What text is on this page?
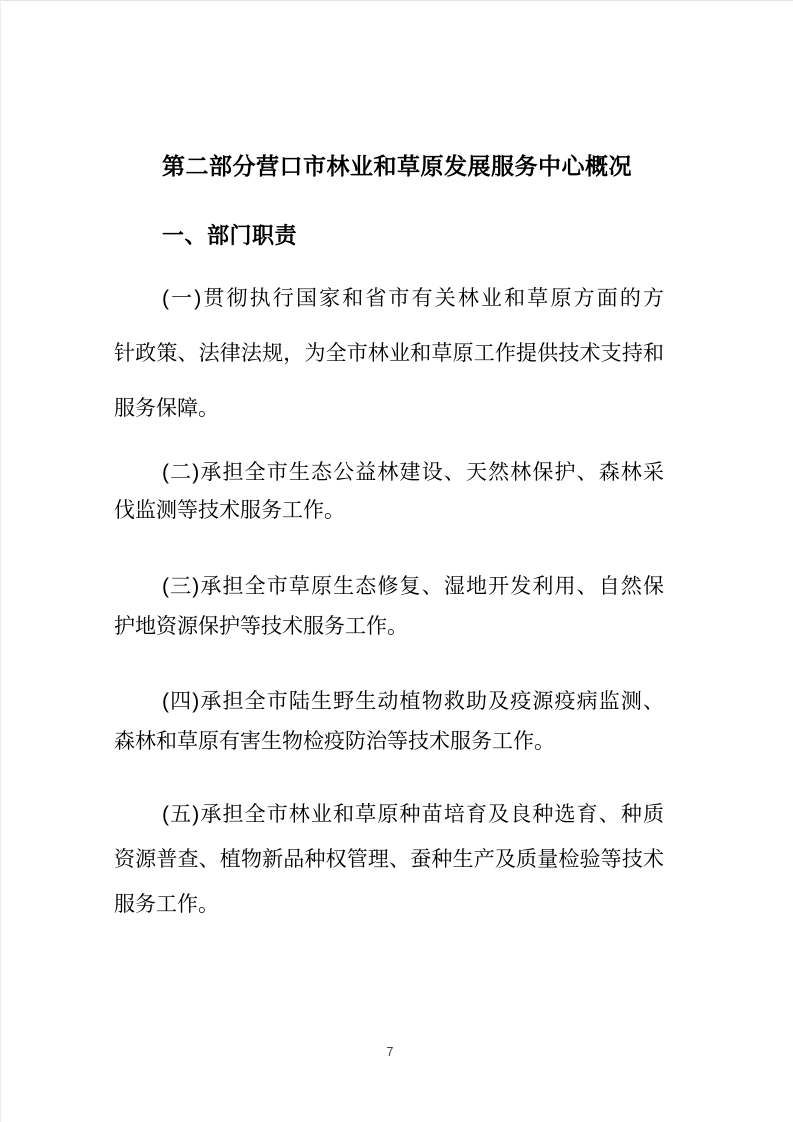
第二部分营口市林业和草原发展服务中心概况
一、部门职责
(一)贯彻执行国家和省市有关林业和草原方面的方
针政策、法律法规，为全市林业和草原工作提供技术支持和
服务保障。
(二)承担全市生态公益林建设、天然林保护、森林采
伐监测等技术服务工作。
(三)承担全市草原生态修复、湿地开发利用、自然保
护地资源保护等技术服务工作。
(四)承担全市陆生野生动植物救助及疫源疫病监测、
森林和草原有害生物检疫防治等技术服务工作。
(五)承担全市林业和草原种苗培育及良种选育、种质
资源普查、植物新品种权管理、蚕种生产及质量检验等技术
服务工作。
7
